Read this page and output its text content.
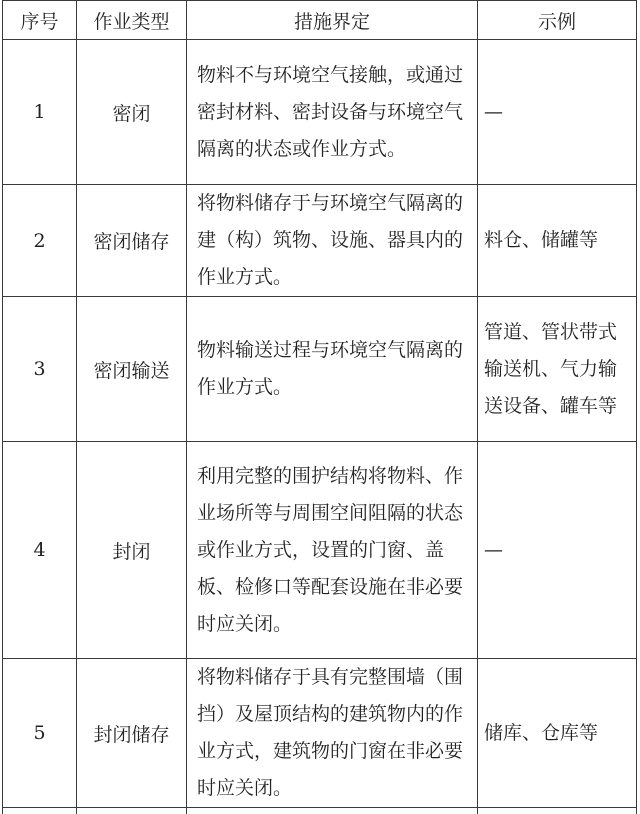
序号	作业类型	措施界定	示例
1	密闭	物料不与环境空气接触，或通过密封材料、密封设备与环境空气隔离的状态或作业方式。	—
2	密闭储存	将物料储存于与环境空气隔离的建（构）筑物、设施、器具内的作业方式。	料仓、储罐等
3	密闭输送	物料输送过程与环境空气隔离的作业方式。	管道、管状带式输送机、气力输送设备、罐车等
4	封闭	利用完整的围护结构将物料、作业场所等与周围空间阻隔的状态或作业方式，设置的门窗、盖板、检修口等配套设施在非必要时应关闭。	—
5	封闭储存	将物料储存于具有完整围墙（围挡）及屋顶结构的建筑物内的作业方式，建筑物的门窗在非必要时应关闭。	储库、仓库等
